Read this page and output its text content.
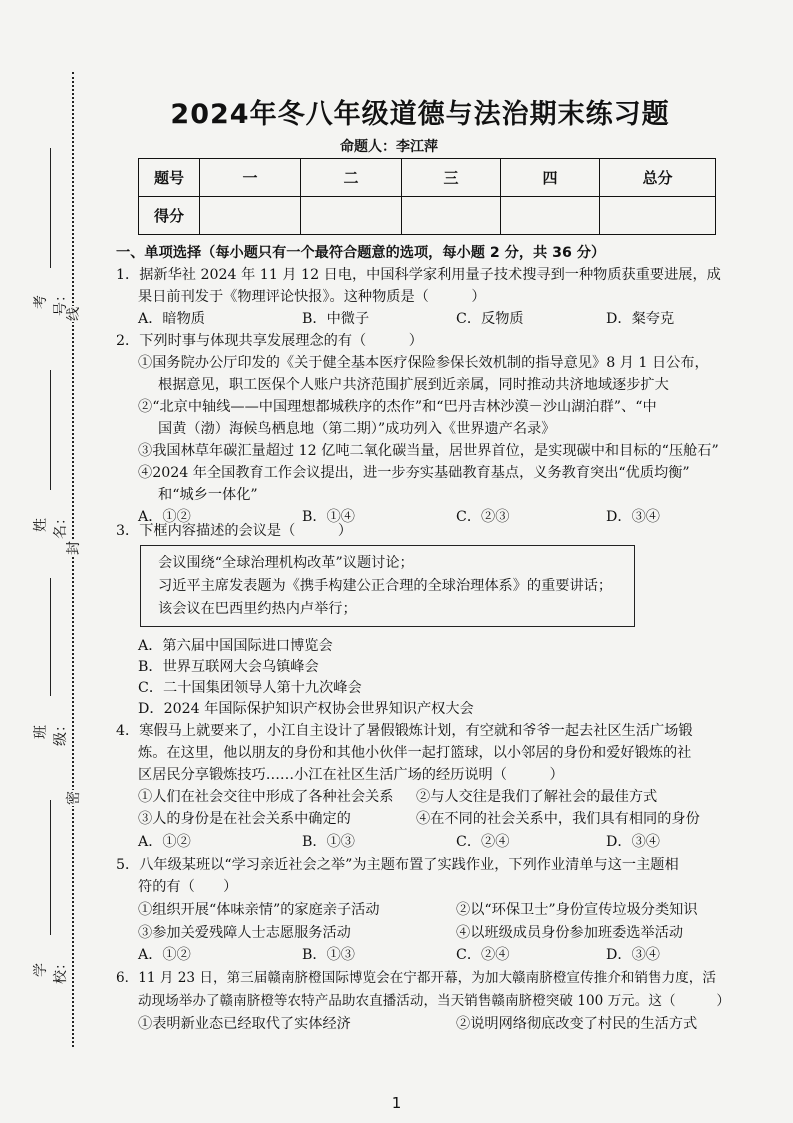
线
封
密
考号：
姓名：
班级：
学校：
2024年冬八年级道德与法治期末练习题
命题人：李江萍
题号	一	二	三	四	总分
得分					
一、单项选择（每小题只有一个最符合题意的选项，每小题 2 分，共 36 分）
1．据新华社 2024 年 11 月 12 日电，中国科学家利用量子技术搜寻到一种物质获重要进展，成
果日前刊发于《物理评论快报》。这种物质是（　　　）
A．暗物质	B．中微子	C．反物质	D．粲夸克
2．下列时事与体现共享发展理念的有（　　　）
①国务院办公厅印发的《关于健全基本医疗保险参保长效机制的指导意见》8 月 1 日公布，
根据意见，职工医保个人账户共济范围扩展到近亲属，同时推动共济地域逐步扩大
②“北京中轴线——中国理想都城秩序的杰作”和“巴丹吉林沙漠－沙山湖泊群”、“中
国黄（渤）海候鸟栖息地（第二期）”成功列入《世界遗产名录》
③我国林草年碳汇量超过 12 亿吨二氧化碳当量，居世界首位，是实现碳中和目标的“压舱石”
④2024 年全国教育工作会议提出，进一步夯实基础教育基点，义务教育突出“优质均衡”
和“城乡一体化”
A．①②	B．①④	C．②③	D．③④
3．下框内容描述的会议是（　　　）
会议围绕“全球治理机构改革”议题讨论；
习近平主席发表题为《携手构建公正合理的全球治理体系》的重要讲话；
该会议在巴西里约热内卢举行；
A．第六届中国国际进口博览会
B．世界互联网大会乌镇峰会
C．二十国集团领导人第十九次峰会
D．2024 年国际保护知识产权协会世界知识产权大会
4．寒假马上就要来了，小江自主设计了暑假锻炼计划，有空就和爷爷一起去社区生活广场锻
炼。在这里，他以朋友的身份和其他小伙伴一起打篮球，以小邻居的身份和爱好锻炼的社
区居民分享锻炼技巧……小江在社区生活广场的经历说明（　　　）
①人们在社会交往中形成了各种社会关系 ②与人交往是我们了解社会的最佳方式
③人的身份是在社会关系中确定的	④在不同的社会关系中，我们具有相同的身份
A．①②	B．①③	C．②④	D．③④
5．八年级某班以“学习亲近社会之举”为主题布置了实践作业，下列作业清单与这一主题相
符的有（　　）
①组织开展“体味亲情”的家庭亲子活动	②以“环保卫士”身份宣传垃圾分类知识
③参加关爱残障人士志愿服务活动	④以班级成员身份参加班委选举活动
A．①②	B．①③	C．②④	D．③④
6．11 月 23 日，第三届赣南脐橙国际博览会在宁都开幕，为加大赣南脐橙宣传推介和销售力度，活
动现场举办了赣南脐橙等农特产品助农直播活动，当天销售赣南脐橙突破 100 万元。这（　　　）
①表明新业态已经取代了实体经济	②说明网络彻底改变了村民的生活方式
1
